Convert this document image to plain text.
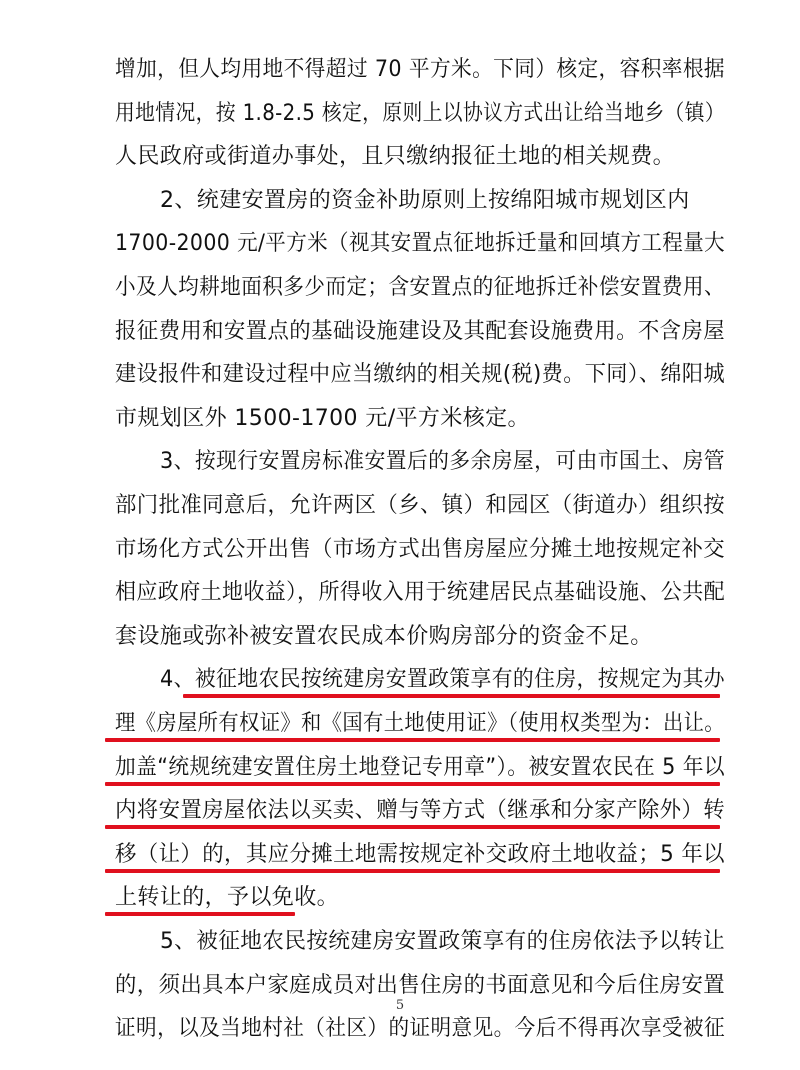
增加，但人均用地不得超过 70 平方米。下同）核定，容积率根据
用地情况，按 1.8-2.5 核定，原则上以协议方式出让给当地乡（镇）
人民政府或街道办事处，且只缴纳报征土地的相关规费。
2、统建安置房的资金补助原则上按绵阳城市规划区内
1700-2000 元/平方米（视其安置点征地拆迁量和回填方工程量大
小及人均耕地面积多少而定；含安置点的征地拆迁补偿安置费用、
报征费用和安置点的基础设施建设及其配套设施费用。不含房屋
建设报件和建设过程中应当缴纳的相关规(税)费。下同）、绵阳城
市规划区外 1500-1700 元/平方米核定。
3、按现行安置房标准安置后的多余房屋，可由市国土、房管
部门批准同意后，允许两区（乡、镇）和园区（街道办）组织按
市场化方式公开出售（市场方式出售房屋应分摊土地按规定补交
相应政府土地收益），所得收入用于统建居民点基础设施、公共配
套设施或弥补被安置农民成本价购房部分的资金不足。
4、被征地农民按统建房安置政策享有的住房，按规定为其办
理《房屋所有权证》和《国有土地使用证》（使用权类型为：出让。
加盖“统规统建安置住房土地登记专用章”）。被安置农民在 5 年以
内将安置房屋依法以买卖、赠与等方式（继承和分家产除外）转
移（让）的，其应分摊土地需按规定补交政府土地收益；5 年以
上转让的，予以免收。
5、被征地农民按统建房安置政策享有的住房依法予以转让
的，须出具本户家庭成员对出售住房的书面意见和今后住房安置
证明，以及当地村社（社区）的证明意见。今后不得再次享受被征
5
